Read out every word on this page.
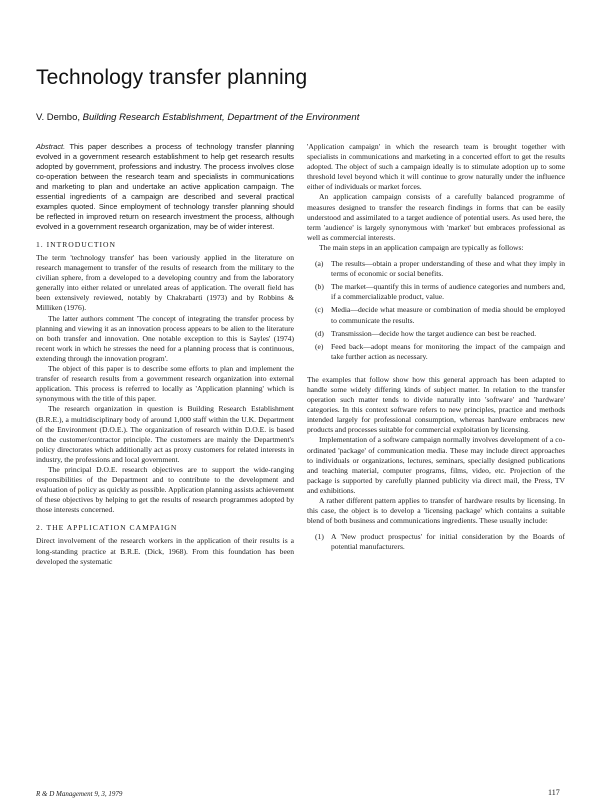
Technology transfer planning
V. Dembo, Building Research Establishment, Department of the Environment

Abstract. This paper describes a process of technology transfer planning evolved in a government research establishment to help get research results adopted by government, professions and industry. The process involves close co-operation between the research team and specialists in communications and marketing to plan and undertake an active application campaign. The essential ingredients of a campaign are described and several practical examples quoted. Since employment of technology transfer planning should be reflected in improved return on research investment the process, although evolved in a government research organization, may be of wider interest.

1. INTRODUCTION

The term 'technology transfer' has been variously applied in the literature on research management to transfer of the results of research from the military to the civilian sphere, from a developed to a developing country and from the laboratory generally into either related or unrelated areas of application. The overall field has been extensively reviewed, notably by Chakrabarti (1973) and by Robbins & Milliken (1976).

The latter authors comment 'The concept of integrating the transfer process by planning and viewing it as an innovation process appears to be alien to the literature on both transfer and innovation. One notable exception to this is Sayles' (1974) recent work in which he stresses the need for a planning process that is continuous, extending through the innovation program'.

The object of this paper is to describe some efforts to plan and implement the transfer of research results from a government research organization into external application. This process is referred to locally as 'Application planning' which is synonymous with the title of this paper.

The research organization in question is Building Research Establishment (B.R.E.), a multidisciplinary body of around 1,000 staff within the U.K. Department of the Environment (D.O.E.). The organization of research within D.O.E. is based on the customer/contractor principle. The customers are mainly the Department's policy directorates which additionally act as proxy customers for related interests in industry, the professions and local government.

The principal D.O.E. research objectives are to support the wide-ranging responsibilities of the Department and to contribute to the development and evaluation of policy as quickly as possible. Application planning assists achievement of these objectives by helping to get the results of research programmes adopted by those interests concerned.

2. THE APPLICATION CAMPAIGN

Direct involvement of the research workers in the application of their results is a long-standing practice at B.R.E. (Dick, 1968). From this foundation has been developed the systematic

'Application campaign' in which the research team is brought together with specialists in communications and marketing in a concerted effort to get the results adopted. The object of such a campaign ideally is to stimulate adoption up to some threshold level beyond which it will continue to grow naturally under the influence either of individuals or market forces.

An application campaign consists of a carefully balanced programme of measures designed to transfer the research findings in forms that can be easily understood and assimilated to a target audience of potential users. As used here, the term 'audience' is largely synonymous with 'market' but embraces professional as well as commercial interests.

The main steps in an application campaign are typically as follows:

(a) The results—obtain a proper understanding of these and what they imply in terms of economic or social benefits.
(b) The market—quantify this in terms of audience categories and numbers and, if a commercializable product, value.
(c) Media—decide what measure or combination of media should be employed to communicate the results.
(d) Transmission—decide how the target audience can best be reached.
(e) Feed back—adopt means for monitoring the impact of the campaign and take further action as necessary.

The examples that follow show how this general approach has been adapted to handle some widely differing kinds of subject matter. In relation to the transfer operation such matter tends to divide naturally into 'software' and 'hardware' categories. In this context software refers to new principles, practice and methods intended largely for professional consumption, whereas hardware embraces new products and processes suitable for commercial exploitation by licensing.

Implementation of a software campaign normally involves development of a co-ordinated 'package' of communication media. These may include direct approaches to individuals or organizations, lectures, seminars, specially designed publications and teaching material, computer programs, films, video, etc. Projection of the package is supported by carefully planned publicity via direct mail, the Press, TV and exhibitions.

A rather different pattern applies to transfer of hardware results by licensing. In this case, the object is to develop a 'licensing package' which contains a suitable blend of both business and communications ingredients. These usually include:

(1) A 'New product prospectus' for initial consideration by the Boards of potential manufacturers.
R & D Management 9, 3, 1979	117
